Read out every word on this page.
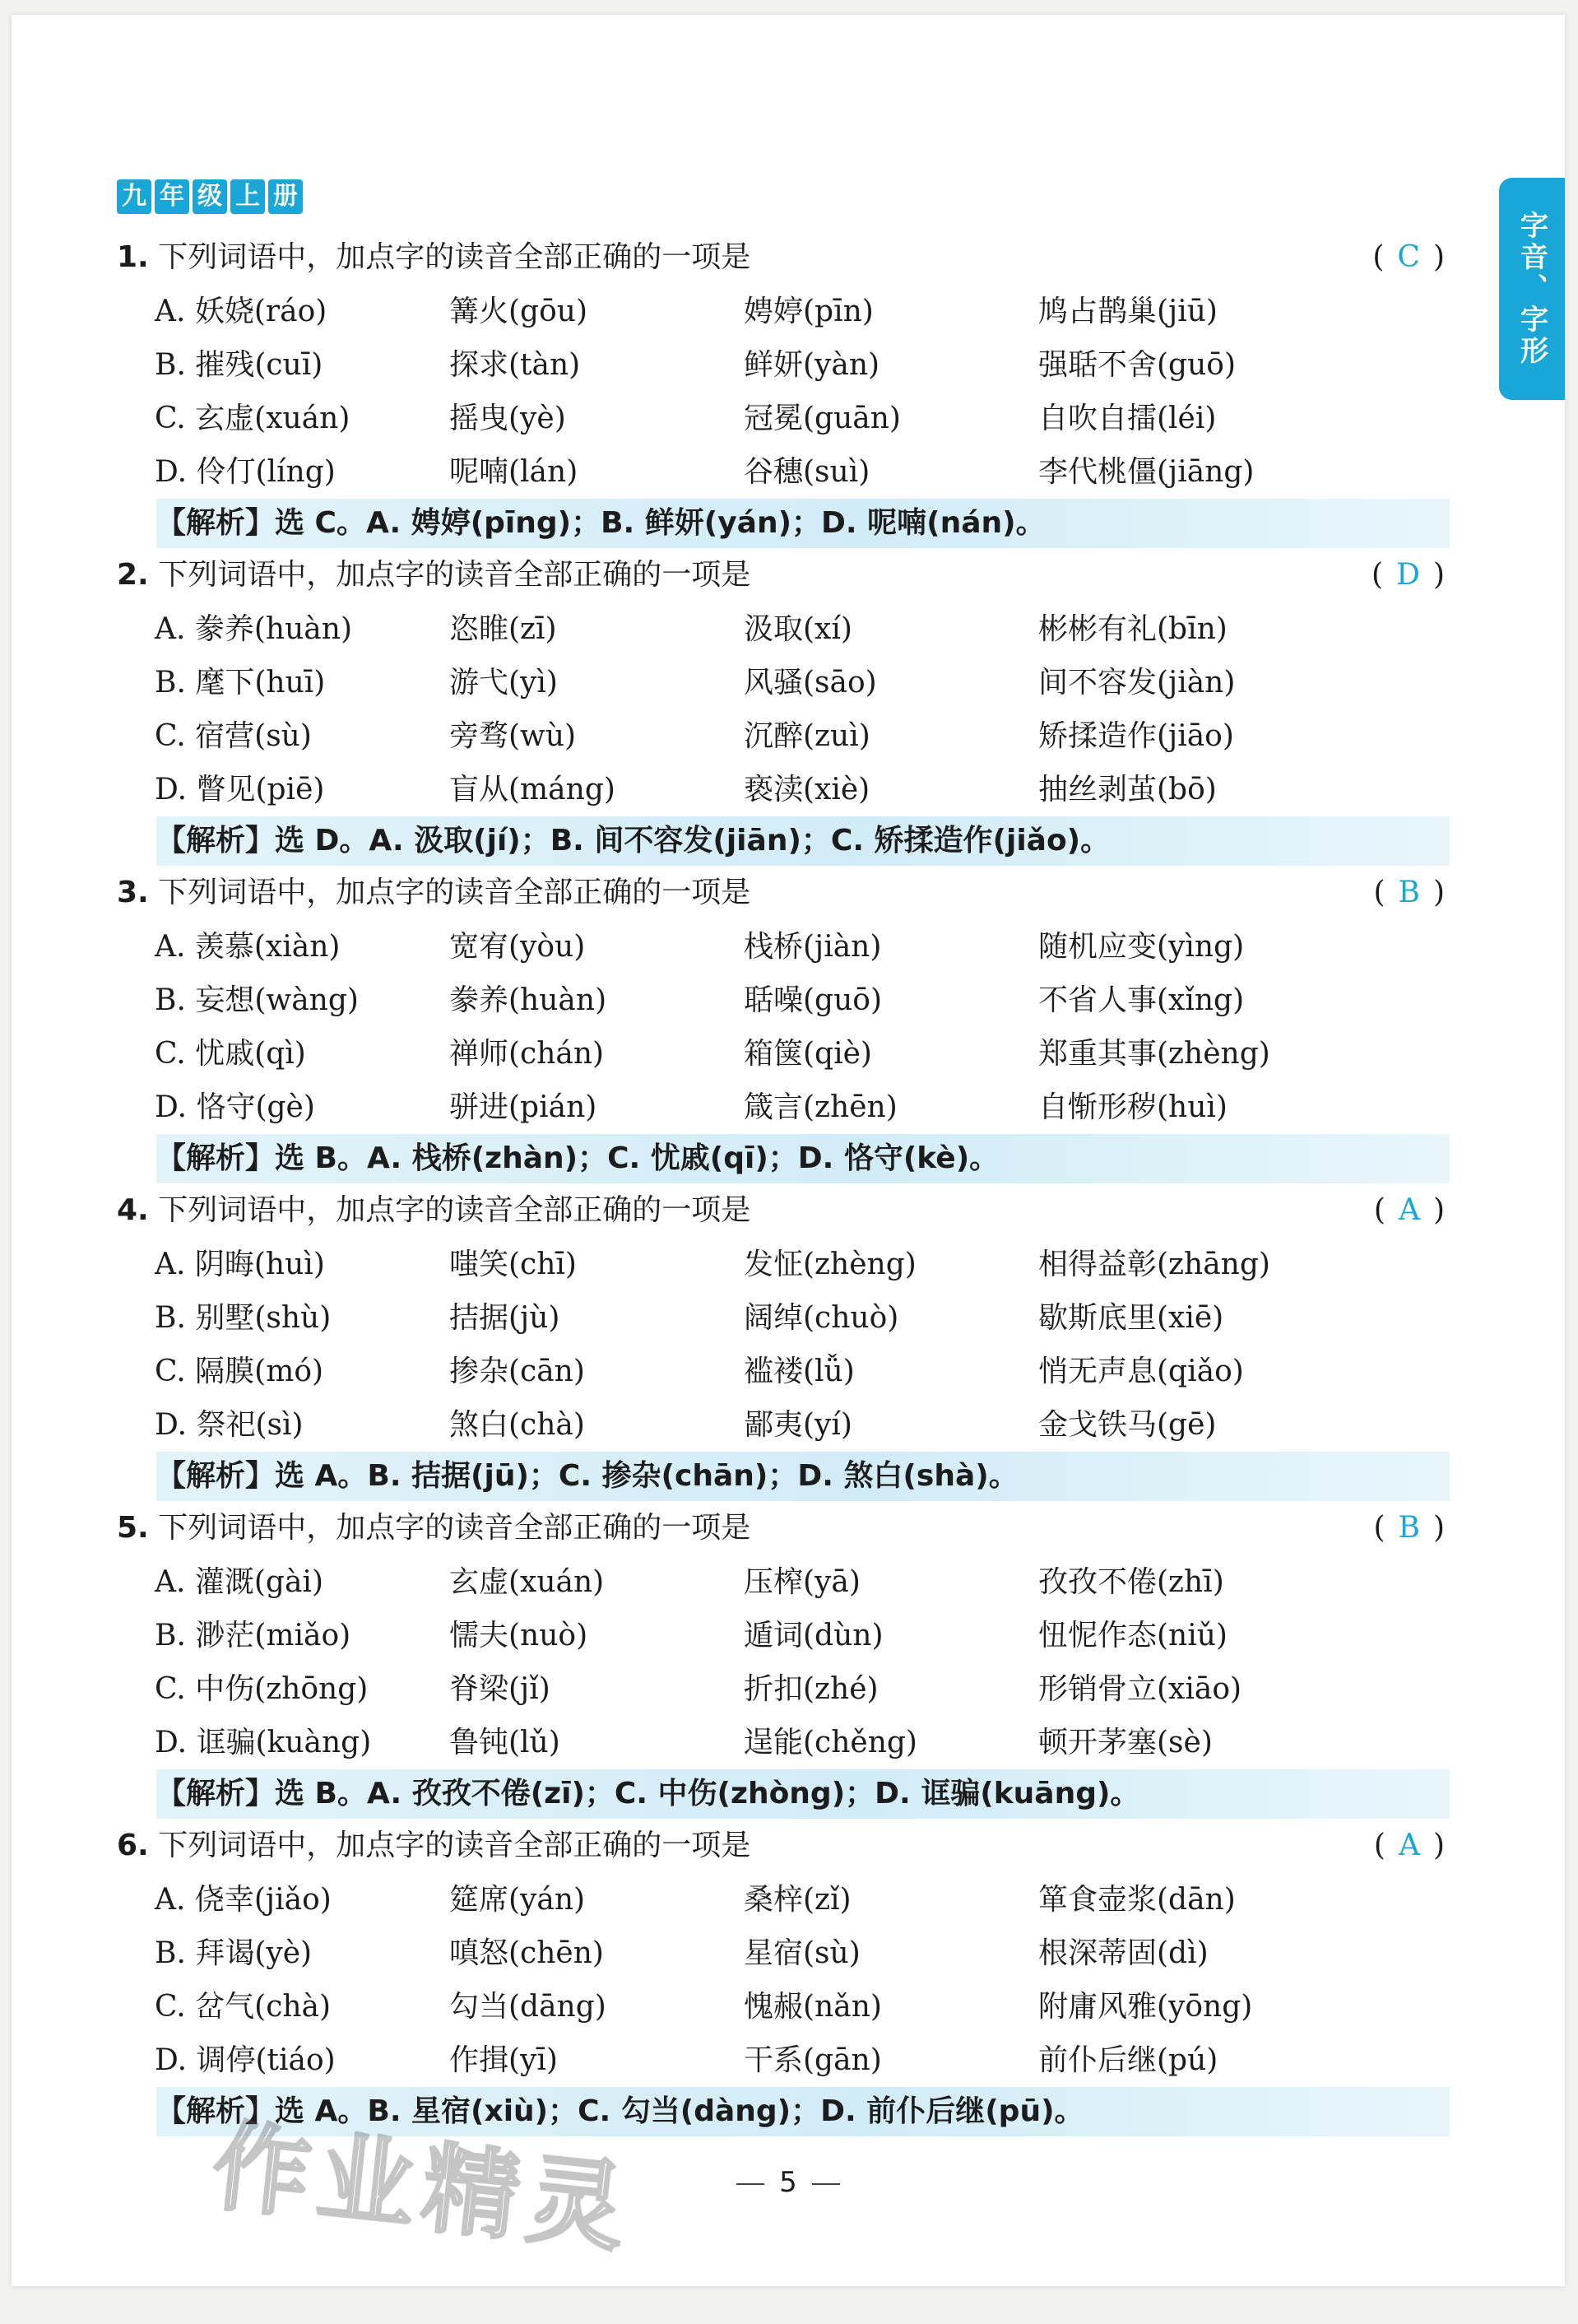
九 年 级 上 册
字音、字形
1. 下列词语中，加点字的读音全部正确的一项是	( C )
A. 妖娆(ráo)	篝火(gōu)	娉婷(pīn)	鸠占鹊巢(jiū)
B. 摧残(cuī)	探求(tàn)	鲜妍(yàn)	强聒不舍(guō)
C. 玄虚(xuán)	摇曳(yè)	冠冕(guān)	自吹自擂(léi)
D. 伶仃(líng)	呢喃(lán)	谷穗(suì)	李代桃僵(jiāng)
【解析】选 C。A. 娉婷(pīng)；B. 鲜妍(yán)；D. 呢喃(nán)。
2. 下列词语中，加点字的读音全部正确的一项是	( D )
A. 豢养(huàn)	恣睢(zī)	汲取(xí)	彬彬有礼(bīn)
B. 麾下(huī)	游弋(yì)	风骚(sāo)	间不容发(jiàn)
C. 宿营(sù)	旁骛(wù)	沉醉(zuì)	矫揉造作(jiāo)
D. 瞥见(piē)	盲从(máng)	亵渎(xiè)	抽丝剥茧(bō)
【解析】选 D。A. 汲取(jí)；B. 间不容发(jiān)；C. 矫揉造作(jiǎo)。
3. 下列词语中，加点字的读音全部正确的一项是	( B )
A. 羡慕(xiàn)	宽宥(yòu)	栈桥(jiàn)	随机应变(yìng)
B. 妄想(wàng)	豢养(huàn)	聒噪(guō)	不省人事(xǐng)
C. 忧戚(qì)	禅师(chán)	箱箧(qiè)	郑重其事(zhèng)
D. 恪守(gè)	骈进(pián)	箴言(zhēn)	自惭形秽(huì)
【解析】选 B。A. 栈桥(zhàn)；C. 忧戚(qī)；D. 恪守(kè)。
4. 下列词语中，加点字的读音全部正确的一项是	( A )
A. 阴晦(huì)	嗤笑(chī)	发怔(zhèng)	相得益彰(zhāng)
B. 别墅(shù)	拮据(jù)	阔绰(chuò)	歇斯底里(xiē)
C. 隔膜(mó)	掺杂(cān)	褴褛(lǚ)	悄无声息(qiǎo)
D. 祭祀(sì)	煞白(chà)	鄙夷(yí)	金戈铁马(gē)
【解析】选 A。B. 拮据(jū)；C. 掺杂(chān)；D. 煞白(shà)。
5. 下列词语中，加点字的读音全部正确的一项是	( B )
A. 灌溉(gài)	玄虚(xuán)	压榨(yā)	孜孜不倦(zhī)
B. 渺茫(miǎo)	懦夫(nuò)	遁词(dùn)	忸怩作态(niǔ)
C. 中伤(zhōng)	脊梁(jǐ)	折扣(zhé)	形销骨立(xiāo)
D. 诓骗(kuàng)	鲁钝(lǔ)	逞能(chěng)	顿开茅塞(sè)
【解析】选 B。A. 孜孜不倦(zī)；C. 中伤(zhòng)；D. 诓骗(kuāng)。
6. 下列词语中，加点字的读音全部正确的一项是	( A )
A. 侥幸(jiǎo)	筵席(yán)	桑梓(zǐ)	箪食壶浆(dān)
B. 拜谒(yè)	嗔怒(chēn)	星宿(sù)	根深蒂固(dì)
C. 岔气(chà)	勾当(dāng)	愧赧(nǎn)	附庸风雅(yōng)
D. 调停(tiáo)	作揖(yī)	干系(gān)	前仆后继(pú)
【解析】选 A。B. 星宿(xiù)；C. 勾当(dàng)；D. 前仆后继(pū)。
作业精灵	5
